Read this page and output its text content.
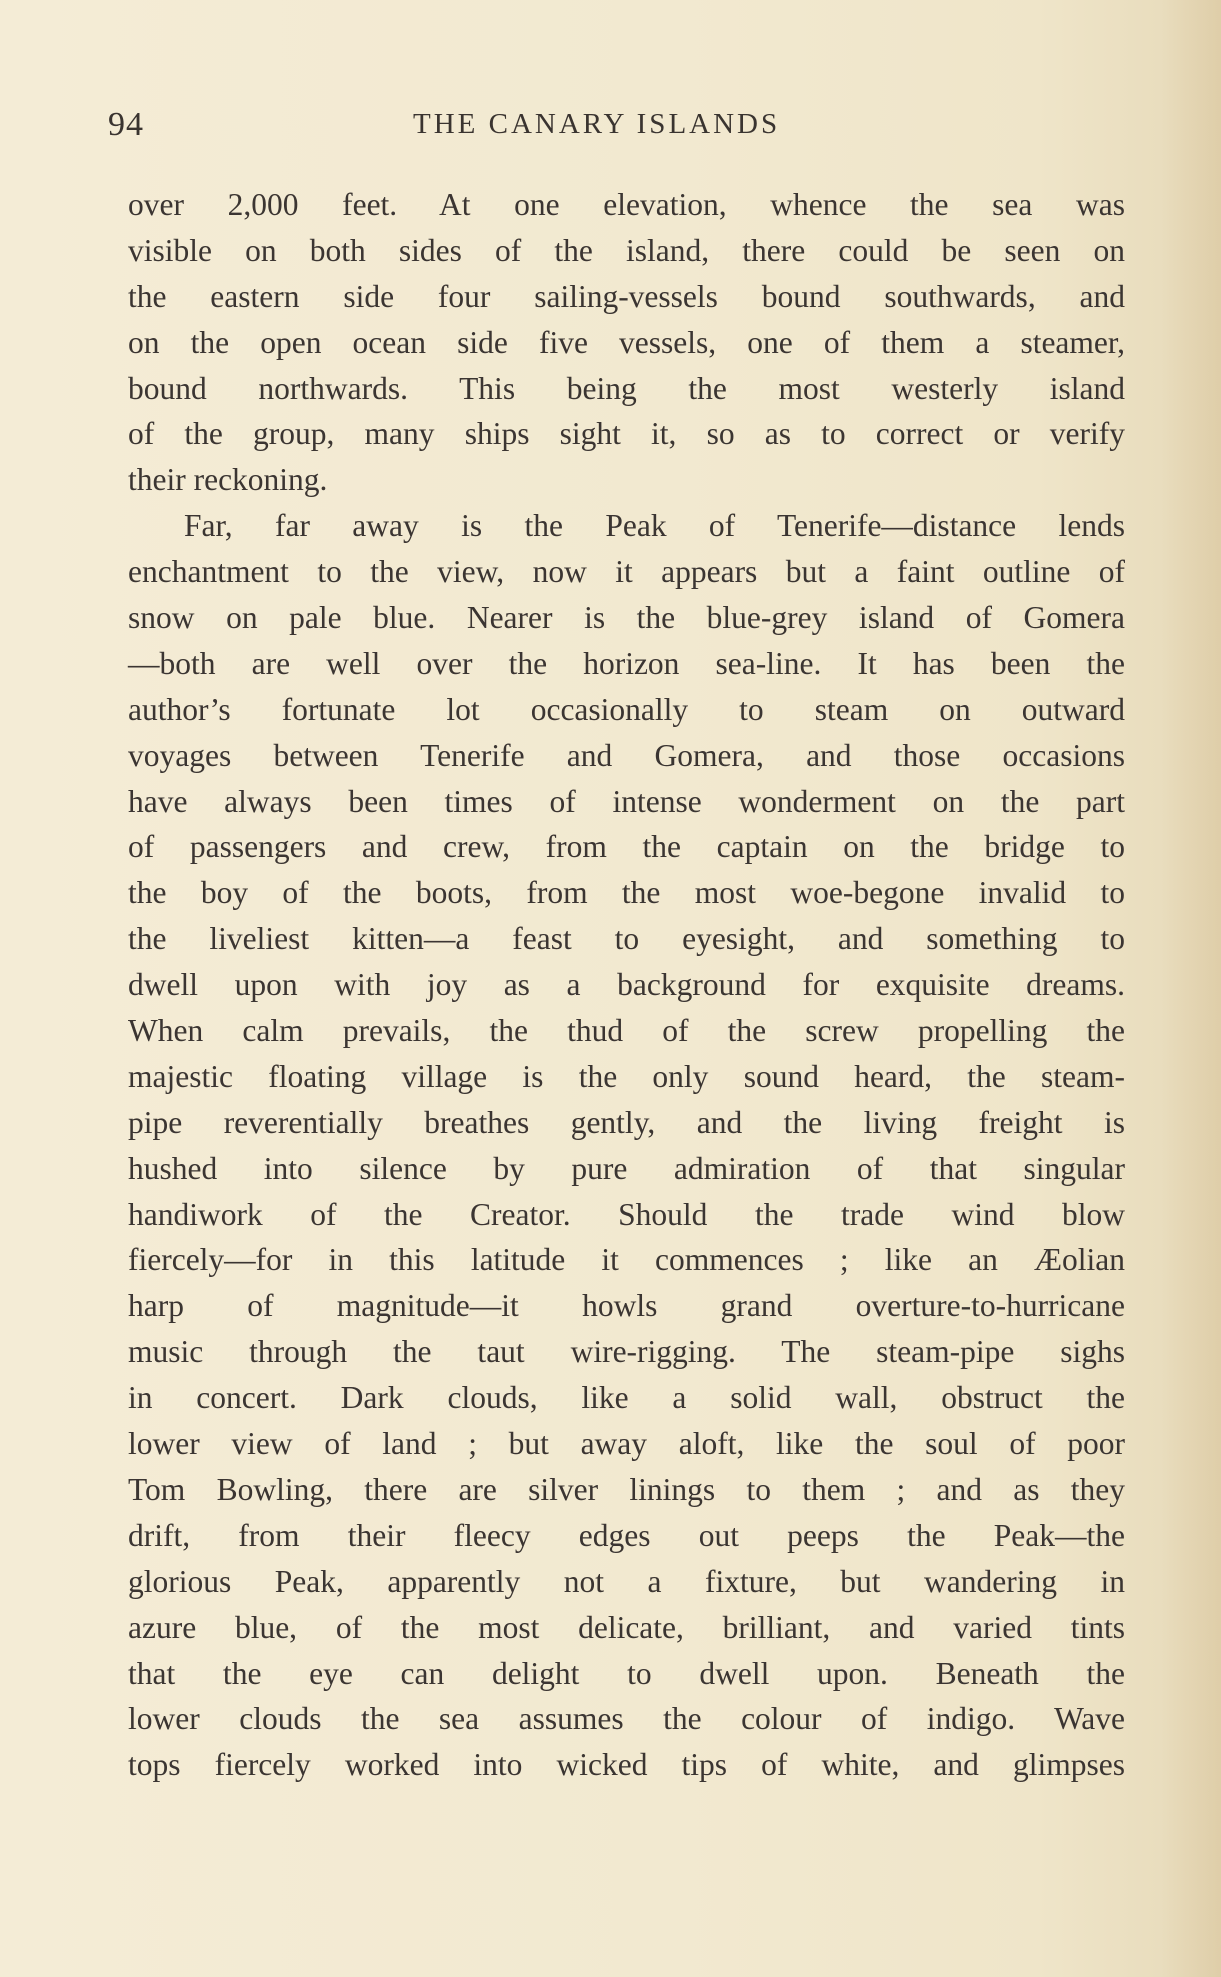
94	THE CANARY ISLANDS
over 2,000 feet. At one elevation, whence the sea was
visible on both sides of the island, there could be seen on
the eastern side four sailing-vessels bound southwards, and
on the open ocean side five vessels, one of them a steamer,
bound northwards. This being the most westerly island
of the group, many ships sight it, so as to correct or verify
their reckoning.
Far, far away is the Peak of Tenerife—distance lends
enchantment to the view, now it appears but a faint outline of
snow on pale blue. Nearer is the blue-grey island of Gomera
—both are well over the horizon sea-line. It has been the
author’s fortunate lot occasionally to steam on outward
voyages between Tenerife and Gomera, and those occasions
have always been times of intense wonderment on the part
of passengers and crew, from the captain on the bridge to
the boy of the boots, from the most woe-begone invalid to
the liveliest kitten—a feast to eyesight, and something to
dwell upon with joy as a background for exquisite dreams.
When calm prevails, the thud of the screw propelling the
majestic floating village is the only sound heard, the steam-
pipe reverentially breathes gently, and the living freight is
hushed into silence by pure admiration of that singular
handiwork of the Creator. Should the trade wind blow
fiercely—for in this latitude it commences ; like an Æolian
harp of magnitude—it howls grand overture-to-hurricane
music through the taut wire-rigging. The steam-pipe sighs
in concert. Dark clouds, like a solid wall, obstruct the
lower view of land ; but away aloft, like the soul of poor
Tom Bowling, there are silver linings to them ; and as they
drift, from their fleecy edges out peeps the Peak—the
glorious Peak, apparently not a fixture, but wandering in
azure blue, of the most delicate, brilliant, and varied tints
that the eye can delight to dwell upon. Beneath the
lower clouds the sea assumes the colour of indigo. Wave
tops fiercely worked into wicked tips of white, and glimpses
